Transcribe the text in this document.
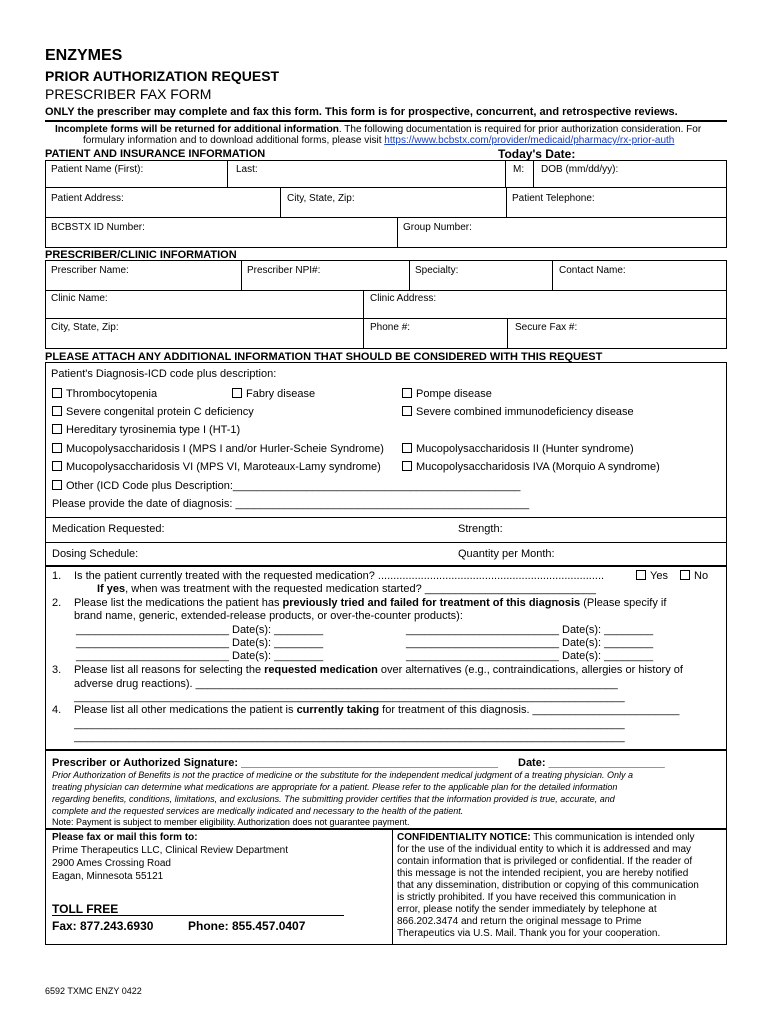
ENZYMES
PRIOR AUTHORIZATION REQUEST
PRESCRIBER FAX FORM
ONLY the prescriber may complete and fax this form. This form is for prospective, concurrent, and retrospective reviews.
Incomplete forms will be returned for additional information. The following documentation is required for prior authorization consideration. For
formulary information and to download additional forms, please visit https://www.bcbstx.com/provider/medicaid/pharmacy/rx-prior-auth
PATIENT AND INSURANCE INFORMATION	Today's Date:
Patient Name (First):	Last:	M: DOB (mm/dd/yy):
Patient Address:	City, State, Zip:	Patient Telephone:
BCBSTX ID Number:	Group Number:
PRESCRIBER/CLINIC INFORMATION
Prescriber Name:	Prescriber NPI#:	Specialty:	Contact Name:
Clinic Name:	Clinic Address:
City, State, Zip:	Phone #:	Secure Fax #:
PLEASE ATTACH ANY ADDITIONAL INFORMATION THAT SHOULD BE CONSIDERED WITH THIS REQUEST
Patient's Diagnosis-ICD code plus description:
Thrombocytopenia	Fabry disease	Pompe disease
Severe congenital protein C deficiency	Severe combined immunodeficiency disease
Hereditary tyrosinemia type I (HT-1)
Mucopolysaccharidosis I (MPS I and/or Hurler-Scheie Syndrome)	Mucopolysaccharidosis II (Hunter syndrome)
Mucopolysaccharidosis VI (MPS VI, Maroteaux-Lamy syndrome)	Mucopolysaccharidosis IVA (Morquio A syndrome)
Other (ICD Code plus Description:_______________________________________________
Please provide the date of diagnosis: ________________________________________________
Medication Requested:	Strength:
Dosing Schedule:	Quantity per Month:
1. Is the patient currently treated with the requested medication? ..........................................................................	Yes	No
If yes, when was treatment with the requested medication started? ____________________________
2. Please list the medications the patient has previously tried and failed for treatment of this diagnosis (Please specify if
brand name, generic, extended-release products, or over-the-counter products):
_________________________ Date(s): ________	_________________________ Date(s): ________
_________________________ Date(s): ________	_________________________ Date(s): ________
_________________________ Date(s): ________	_________________________ Date(s): ________
3. Please list all reasons for selecting the requested medication over alternatives (e.g., contraindications, allergies or history of
adverse drug reactions). _____________________________________________________________________
__________________________________________________________________________________________
4. Please list all other medications the patient is currently taking for treatment of this diagnosis. ________________________
__________________________________________________________________________________________
__________________________________________________________________________________________
Prescriber or Authorized Signature: __________________________________________ Date: ___________________
Prior Authorization of Benefits is not the practice of medicine or the substitute for the independent medical judgment of a treating physician. Only a
treating physician can determine what medications are appropriate for a patient. Please refer to the applicable plan for the detailed information
regarding benefits, conditions, limitations, and exclusions. The submitting provider certifies that the information provided is true, accurate, and
complete and the requested services are medically indicated and necessary to the health of the patient.
Note: Payment is subject to member eligibility. Authorization does not guarantee payment.
Please fax or mail this form to:
Prime Therapeutics LLC, Clinical Review Department
2900 Ames Crossing Road
Eagan, Minnesota 55121
TOLL FREE
Fax: 877.243.6930	Phone: 855.457.0407
CONFIDENTIALITY NOTICE: This communication is intended only
for the use of the individual entity to which it is addressed and may
contain information that is privileged or confidential. If the reader of
this message is not the intended recipient, you are hereby notified
that any dissemination, distribution or copying of this communication
is strictly prohibited. If you have received this communication in
error, please notify the sender immediately by telephone at
866.202.3474 and return the original message to Prime
Therapeutics via U.S. Mail. Thank you for your cooperation.
6592 TXMC ENZY 0422
